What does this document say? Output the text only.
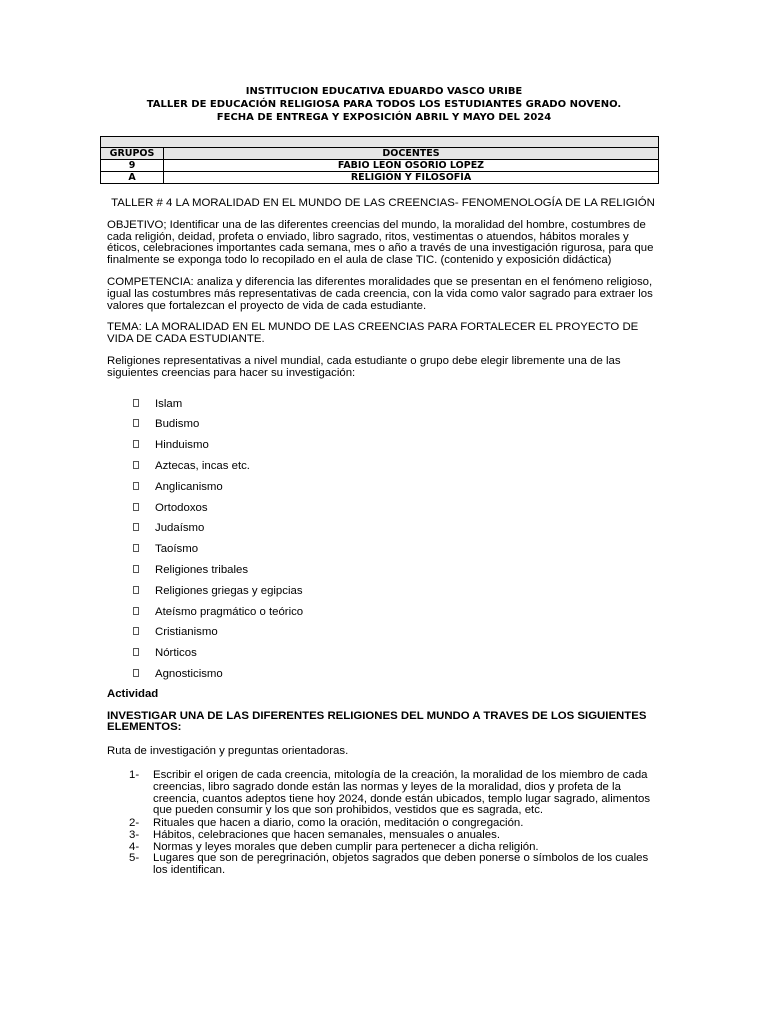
INSTITUCION EDUCATIVA EDUARDO VASCO URIBE
TALLER DE EDUCACIÓN RELIGIOSA PARA TODOS LOS ESTUDIANTES GRADO NOVENO.
FECHA DE ENTREGA Y EXPOSICIÓN ABRIL Y MAYO DEL 2024

GRUPOS	DOCENTES
9	FABIO LEON OSORIO LOPEZ
A	RELIGIÓN Y FILOSOFÍA
TALLER # 4 LA MORALIDAD EN EL MUNDO DE LAS CREENCIAS- FENOMENOLOGÍA DE LA RELIGIÓN
OBJETIVO; Identificar una de las diferentes creencias del mundo, la moralidad del hombre, costumbres de cada religión, deidad, profeta o enviado, libro sagrado, ritos, vestimentas o atuendos, hábitos morales y éticos, celebraciones importantes cada semana, mes o año a través de una investigación rigurosa, para que finalmente se exponga todo lo recopilado en el aula de clase TIC. (contenido y exposición didáctica)
COMPETENCIA: analiza y diferencia las diferentes moralidades que se presentan en el fenómeno religioso, igual las costumbres más representativas de cada creencia, con la vida como valor sagrado para extraer los valores que fortalezcan el proyecto de vida de cada estudiante.
TEMA: LA MORALIDAD EN EL MUNDO DE LAS CREENCIAS PARA FORTALECER EL PROYECTO DE VIDA DE CADA ESTUDIANTE.
Religiones representativas a nivel mundial, cada estudiante o grupo debe elegir libremente una de las siguientes creencias para hacer su investigación:
Islam
Budismo
Hinduismo
Aztecas, incas etc.
Anglicanismo
Ortodoxos
Judaísmo
Taoísmo
Religiones tribales
Religiones griegas y egipcias
Ateísmo pragmático o teórico
Cristianismo
Nórticos
Agnosticismo
Actividad
INVESTIGAR UNA DE LAS DIFERENTES RELIGIONES DEL MUNDO A TRAVES DE LOS SIGUIENTES ELEMENTOS:
Ruta de investigación y preguntas orientadoras.
1- Escribir el origen de cada creencia, mitología de la creación, la moralidad de los miembro de cada creencias, libro sagrado donde están las normas y leyes de la moralidad, dios y profeta de la creencia, cuantos adeptos tiene hoy 2024, donde están ubicados, templo lugar sagrado, alimentos que pueden consumir y los que son prohibidos, vestidos que es sagrada, etc.
2- Rituales que hacen a diario, como la oración, meditación o congregación.
3- Hábitos, celebraciones que hacen semanales, mensuales o anuales.
4- Normas y leyes morales que deben cumplir para pertenecer a dicha religión.
5- Lugares que son de peregrinación, objetos sagrados que deben ponerse o símbolos de los cuales los identifican.
